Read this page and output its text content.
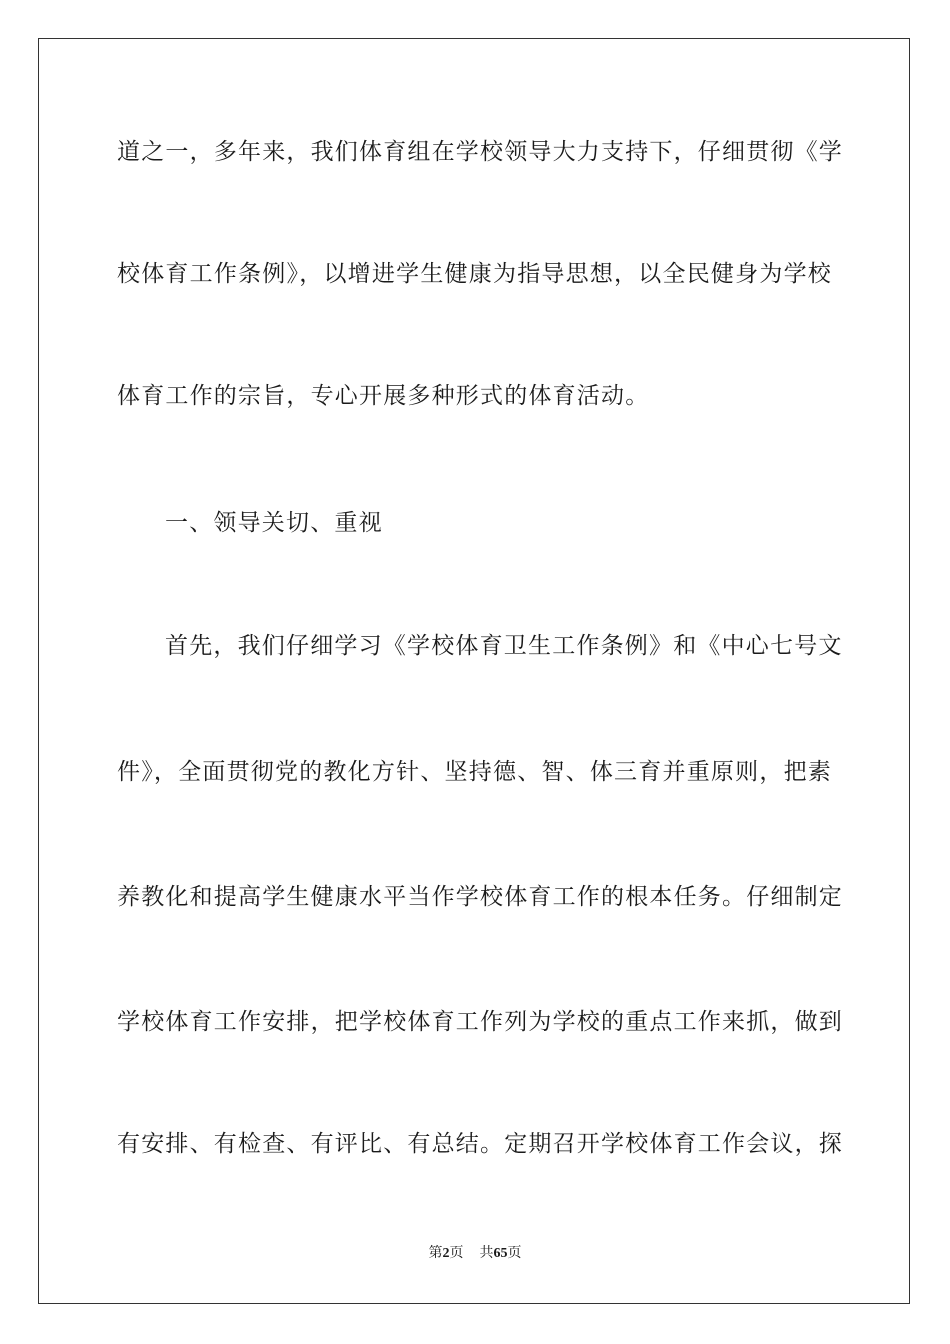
道之一，多年来，我们体育组在学校领导大力支持下，仔细贯彻《学
校体育工作条例》，以增进学生健康为指导思想，以全民健身为学校
体育工作的宗旨，专心开展多种形式的体育活动。
一、领导关切、重视
首先，我们仔细学习《学校体育卫生工作条例》和《中心七号文
件》，全面贯彻党的教化方针、坚持德、智、体三育并重原则，把素
养教化和提高学生健康水平当作学校体育工作的根本任务。仔细制定
学校体育工作安排，把学校体育工作列为学校的重点工作来抓，做到
有安排、有检查、有评比、有总结。定期召开学校体育工作会议，探
第2页 共65页
